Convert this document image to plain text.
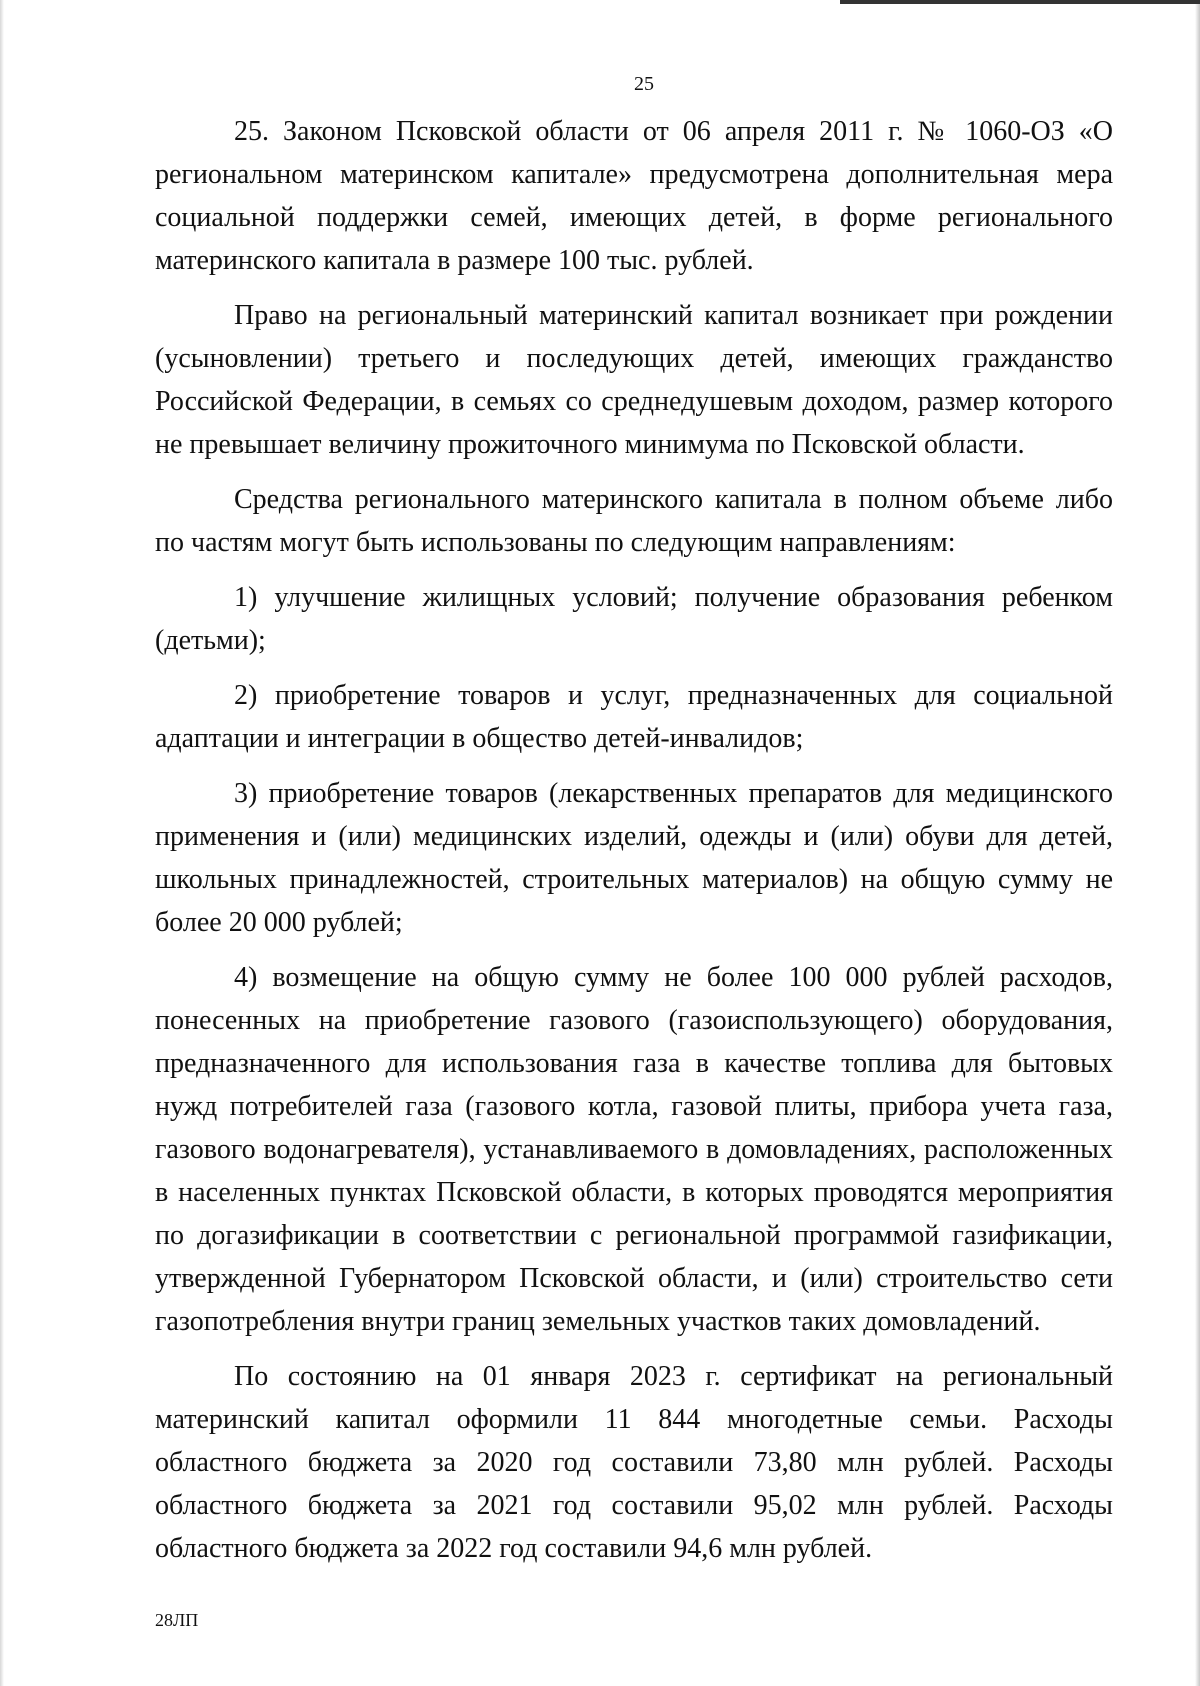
25

25. Законом Псковской области от 06 апреля 2011 г. № 1060-ОЗ «О региональном материнском капитале» предусмотрена дополнительная мера социальной поддержки семей, имеющих детей, в форме регионального материнского капитала в размере 100 тыс. рублей.

Право на региональный материнский капитал возникает при рождении (усыновлении) третьего и последующих детей, имеющих гражданство Российской Федерации, в семьях со среднедушевым доходом, размер которого не превышает величину прожиточного минимума по Псковской области.

Средства регионального материнского капитала в полном объеме либо по частям могут быть использованы по следующим направлениям:

1) улучшение жилищных условий; получение образования ребенком (детьми);

2) приобретение товаров и услуг, предназначенных для социальной адаптации и интеграции в общество детей-инвалидов;

3) приобретение товаров (лекарственных препаратов для медицинского применения и (или) медицинских изделий, одежды и (или) обуви для детей, школьных принадлежностей, строительных материалов) на общую сумму не более 20 000 рублей;

4) возмещение на общую сумму не более 100 000 рублей расходов, понесенных на приобретение газового (газоиспользующего) оборудования, предназначенного для использования газа в качестве топлива для бытовых нужд потребителей газа (газового котла, газовой плиты, прибора учета газа, газового водонагревателя), устанавливаемого в домовладениях, расположенных в населенных пунктах Псковской области, в которых проводятся мероприятия по догазификации в соответствии с региональной программой газификации, утвержденной Губернатором Псковской области, и (или) строительство сети газопотребления внутри границ земельных участков таких домовладений.

По состоянию на 01 января 2023 г. сертификат на региональный материнский капитал оформили 11 844 многодетные семьи. Расходы областного бюджета за 2020 год составили 73,80 млн рублей. Расходы областного бюджета за 2021 год составили 95,02 млн рублей. Расходы областного бюджета за 2022 год составили 94,6 млн рублей.

28ЛП
